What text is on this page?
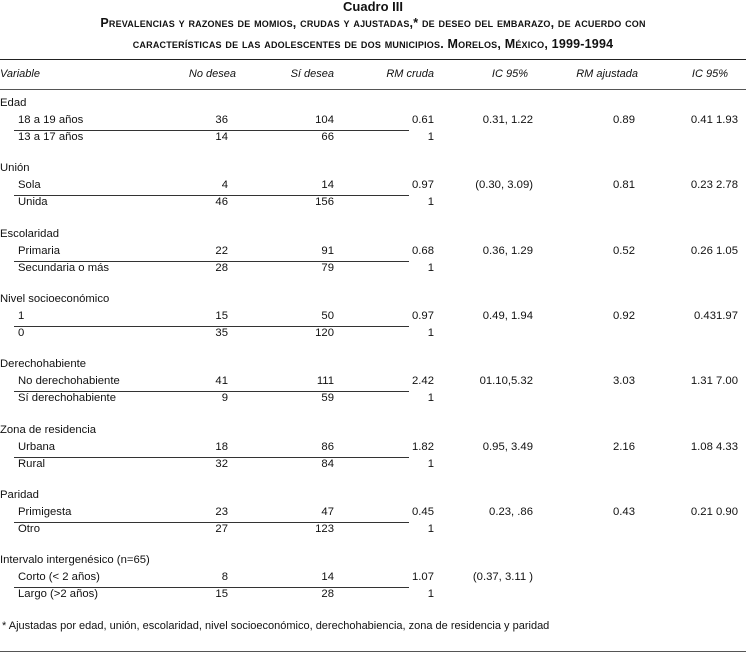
Cuadro III
Prevalencias y razones de momios, crudas y ajustadas,* de deseo del embarazo, de acuerdo con
características de las adolescentes de dos municipios. Morelos, México, 1999-1994
Variable	No desea	Sí desea	RM cruda	IC 95%	RM ajustada	IC 95%
Edad
18 a 19 años	36	104	0.61	0.31, 1.22	0.89	0.41 1.93
13 a 17 años	14	66	1
Unión
Sola	4	14	0.97	(0.30, 3.09)	0.81	0.23 2.78
Unida	46	156	1
Escolaridad
Primaria	22	91	0.68	0.36, 1.29	0.52	0.26 1.05
Secundaria o más	28	79	1
Nivel socioeconómico
1	15	50	0.97	0.49, 1.94	0.92	0.431.97
0	35	120	1
Derechohabiente
No derechohabiente	41	111	2.42	01.10,5.32	3.03	1.31 7.00
Sí derechohabiente	9	59	1
Zona de residencia
Urbana	18	86	1.82	0.95, 3.49	2.16	1.08 4.33
Rural	32	84	1
Paridad
Primigesta	23	47	0.45	0.23, .86	0.43	0.21 0.90
Otro	27	123	1
Intervalo intergenésico (n=65)
Corto (< 2 años)	8	14	1.07	(0.37, 3.11 )
Largo (>2 años)	15	28	1
* Ajustadas por edad, unión, escolaridad, nivel socioeconómico, derechohabiencia, zona de residencia y paridad
